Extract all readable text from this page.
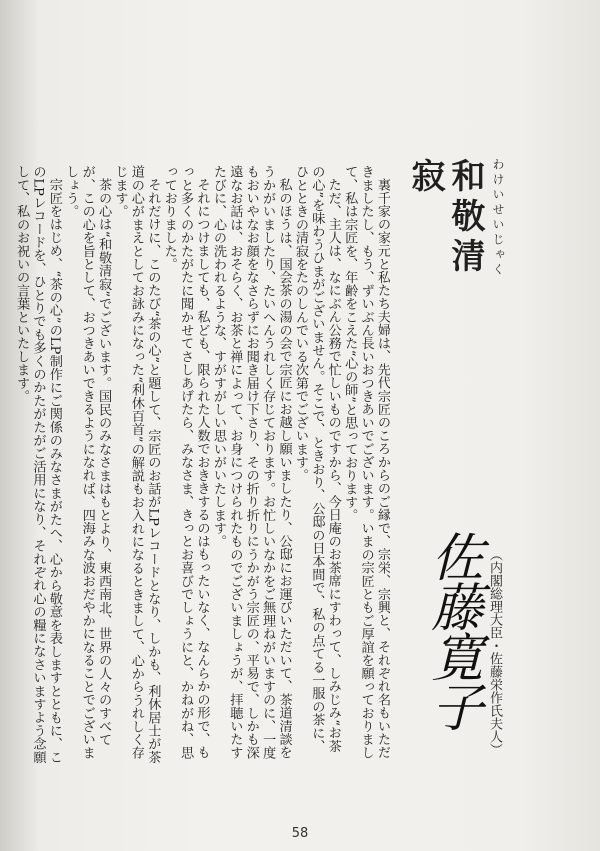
和敬清寂	わけいせいじゃく
佐藤寛子 （内閣総理大臣・佐藤栄作氏夫人）

裏千家の家元と私たち夫婦は、先代宗匠のころからのご縁で、宗栄、宗興と、それぞれ名もいただきましたし、もう、ずいぶん長いおつきあいでございます。いまの宗匠ともご厚誼を願っておりまして、私は宗匠を、年齢をこえた“心の師”と思っております。

ただ、主人は、なにぶん公務で忙しいものですから、今日庵のお茶席にすわって、しみじみ“お茶の心”を味わうひまがございません。そこで、ときおり、公邸の日本間で、私の点てる一服の茶に、ひとときの清寂をたのしんでいる次第でございます。

私のほうは、国会茶の湯の会で宗匠にお越し願いましたり、公邸にお運びいただいて、茶道清談をうかがいましたり、たいへんうれしく存じております。お忙しいなかをご無理ねがいますのに、一度もおいやなお顔をなさらずにお聞き届け下さり、その折り折りにうかがう宗匠の、平易で、しかも深遠なお話は、おそらく、お茶と禅によって、お身につけられたものでございましょうが、拝聴いたすたびに、心の洗われるような、すがすがしい思いがいたします。

それにつけましても、私ども、限られた人数でおききするのはもったいなく、なんらかの形で、もっと多くのかたがたに聞かせてさしあげたら、みなさま、きっとお喜びでしょうにと、かねがね、思っておりました。

それだけに、このたび“茶の心”と題して、宗匠のお話がLPレコードとなり、しかも、利休居士が茶道の心がまえとしてお詠みになった“利休百首”の解説もお入れになるときまして、心からうれしく存じます。

茶の心は“和敬清寂”でございます。国民のみなさまはもとより、東西南北、世界の人々のすべてが、この心を旨として、おつきあいできるようになれば、四海みな波おだやかになることでございましょう。

宗匠をはじめ、“茶の心”のLP制作にご関係のみなさまがたへ、心から敬意を表しますとともに、このLPレコードを、ひとりでも多くのかたがたがご活用になり、それぞれ心の糧になさいますよう念願して、私のお祝いの言葉といたします。

58
